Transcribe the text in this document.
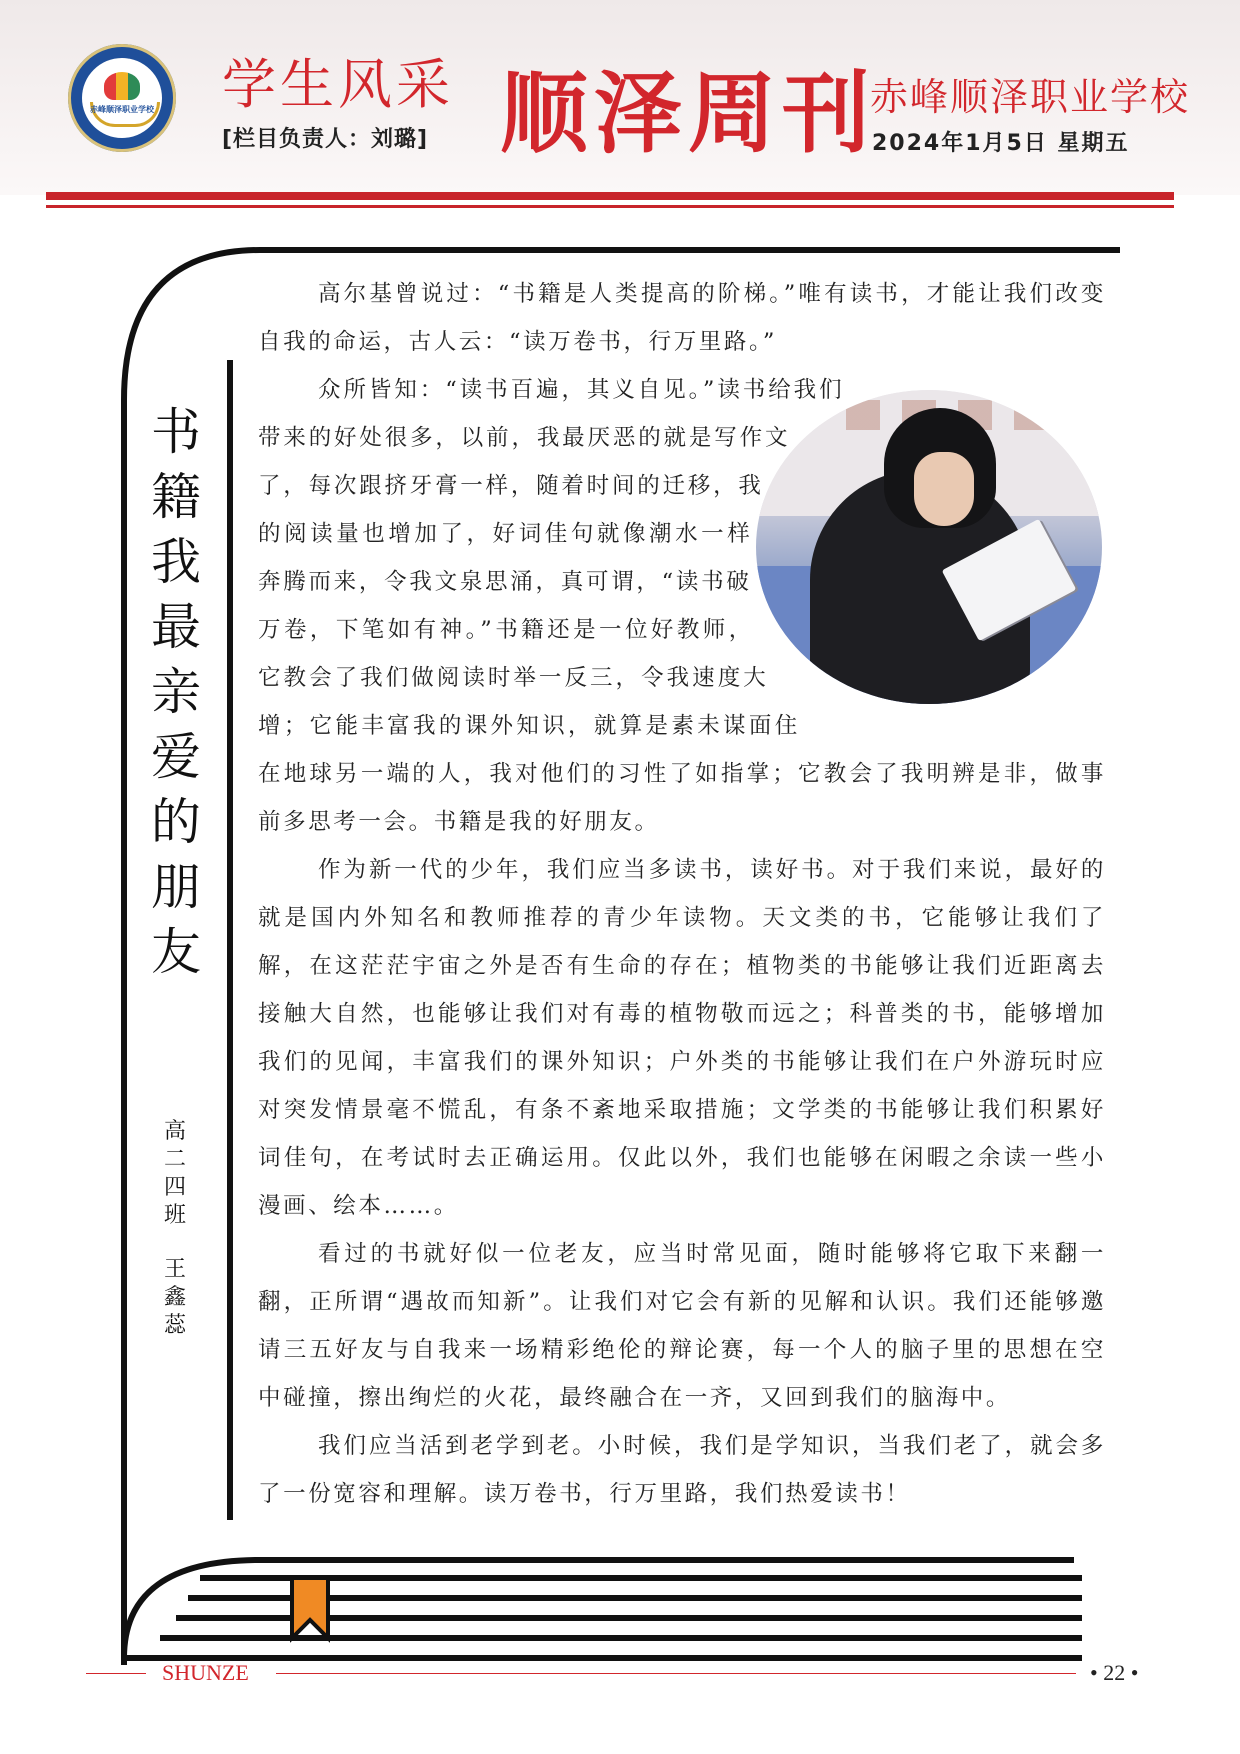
赤峰顺泽职业学校 学生风采
[栏目负责人：刘璐] 顺泽周刊
赤峰顺泽职业学校
2024年1月5日 星期五
书
籍
我
最
亲
爱
的
朋
友
高
二
四
班
王
鑫
蕊

高尔基曾说过：“书籍是人类提高的阶梯。”唯有读书，才能让我们改变自我的命运，古人云：“读万卷书，行万里路。”

众所皆知：“读书百遍，其义自见。”读书给我们带来的好处很多，以前，我最厌恶的就是写作文了，每次跟挤牙膏一样，随着时间的迁移，我的阅读量也增加了，好词佳句就像潮水一样奔腾而来，令我文泉思涌，真可谓，“读书破万卷，下笔如有神。”书籍还是一位好教师，它教会了我们做阅读时举一反三，令我速度大增；它能丰富我的课外知识，就算是素未谋面住在地球另一端的人，我对他们的习性了如指掌；它教会了我明辨是非，做事前多思考一会。书籍是我的好朋友。

作为新一代的少年，我们应当多读书，读好书。对于我们来说，最好的就是国内外知名和教师推荐的青少年读物。天文类的书，它能够让我们了解，在这茫茫宇宙之外是否有生命的存在；植物类的书能够让我们近距离去接触大自然，也能够让我们对有毒的植物敬而远之；科普类的书，能够增加我们的见闻，丰富我们的课外知识；户外类的书能够让我们在户外游玩时应对突发情景毫不慌乱，有条不紊地采取措施；文学类的书能够让我们积累好词佳句，在考试时去正确运用。仅此以外，我们也能够在闲暇之余读一些小漫画、绘本……。

看过的书就好似一位老友，应当时常见面，随时能够将它取下来翻一翻，正所谓“遇故而知新”。让我们对它会有新的见解和认识。我们还能够邀请三五好友与自我来一场精彩绝伦的辩论赛，每一个人的脑子里的思想在空中碰撞，擦出绚烂的火花，最终融合在一齐，又回到我们的脑海中。

我们应当活到老学到老。小时候，我们是学知识，当我们老了，就会多了一份宽容和理解。读万卷书，行万里路，我们热爱读书！

SHUNZE	• 22 •
